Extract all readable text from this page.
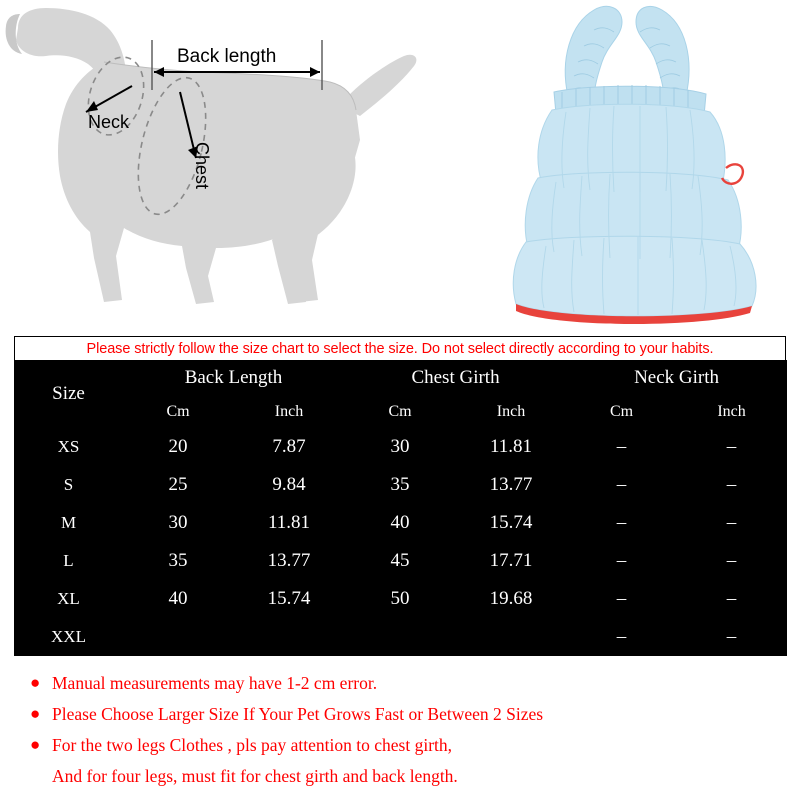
Back length
Neck
Chest
Please strictly follow the size chart to select the size. Do not select directly according to your habits.
Size	Back Length		Chest Girth		Neck Girth	
	Cm	Inch	Cm	Inch	Cm	Inch
XS	20	7.87	30	11.81	–	–
S	25	9.84	35	13.77	–	–
M	30	11.81	40	15.74	–	–
L	35	13.77	45	17.71	–	–
XL	40	15.74	50	19.68	–	–
XXL					–	–
● Manual measurements may have 1-2 cm error.
● Please Choose Larger Size If Your Pet Grows Fast or Between 2 Sizes
● For the two legs Clothes , pls pay attention to chest girth,
And for four legs, must fit for chest girth and back length.
